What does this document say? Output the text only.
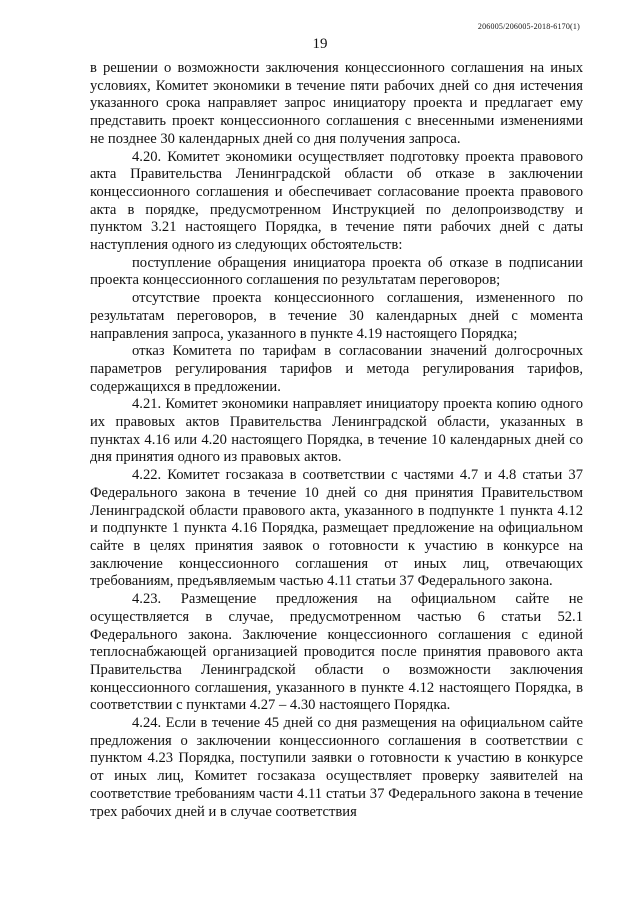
206005/206005-2018-6170(1)
19

в решении о возможности заключения концессионного соглашения на иных условиях, Комитет экономики в течение пяти рабочих дней со дня истечения указанного срока направляет запрос инициатору проекта и предлагает ему представить проект концессионного соглашения с внесенными изменениями не позднее 30 календарных дней со дня получения запроса.

4.20. Комитет экономики осуществляет подготовку проекта правового акта Правительства Ленинградской области об отказе в заключении концессионного соглашения и обеспечивает согласование проекта правового акта в порядке, предусмотренном Инструкцией по делопроизводству и пунктом 3.21 настоящего Порядка, в течение пяти рабочих дней с даты наступления одного из следующих обстоятельств:

поступление обращения инициатора проекта об отказе в подписании проекта концессионного соглашения по результатам переговоров;

отсутствие проекта концессионного соглашения, измененного по результатам переговоров, в течение 30 календарных дней с момента направления запроса, указанного в пункте 4.19 настоящего Порядка;

отказ Комитета по тарифам в согласовании значений долгосрочных параметров регулирования тарифов и метода регулирования тарифов, содержащихся в предложении.

4.21. Комитет экономики направляет инициатору проекта копию одного их правовых актов Правительства Ленинградской области, указанных в пунктах 4.16 или 4.20 настоящего Порядка, в течение 10 календарных дней со дня принятия одного из правовых актов.

4.22. Комитет госзаказа в соответствии с частями 4.7 и 4.8 статьи 37 Федерального закона в течение 10 дней со дня принятия Правительством Ленинградской области правового акта, указанного в подпункте 1 пункта 4.12 и подпункте 1 пункта 4.16 Порядка, размещает предложение на официальном сайте в целях принятия заявок о готовности к участию в конкурсе на заключение концессионного соглашения от иных лиц, отвечающих требованиям, предъявляемым частью 4.11 статьи 37 Федерального закона.

4.23. Размещение предложения на официальном сайте не осуществляется в случае, предусмотренном частью 6 статьи 52.1 Федерального закона. Заключение концессионного соглашения с единой теплоснабжающей организацией проводится после принятия правового акта Правительства Ленинградской области о возможности заключения концессионного соглашения, указанного в пункте 4.12 настоящего Порядка, в соответствии с пунктами 4.27 – 4.30 настоящего Порядка.

4.24. Если в течение 45 дней со дня размещения на официальном сайте предложения о заключении концессионного соглашения в соответствии с пунктом 4.23 Порядка, поступили заявки о готовности к участию в конкурсе от иных лиц, Комитет госзаказа осуществляет проверку заявителей на соответствие требованиям части 4.11 статьи 37 Федерального закона в течение трех рабочих дней и в случае соответствия
